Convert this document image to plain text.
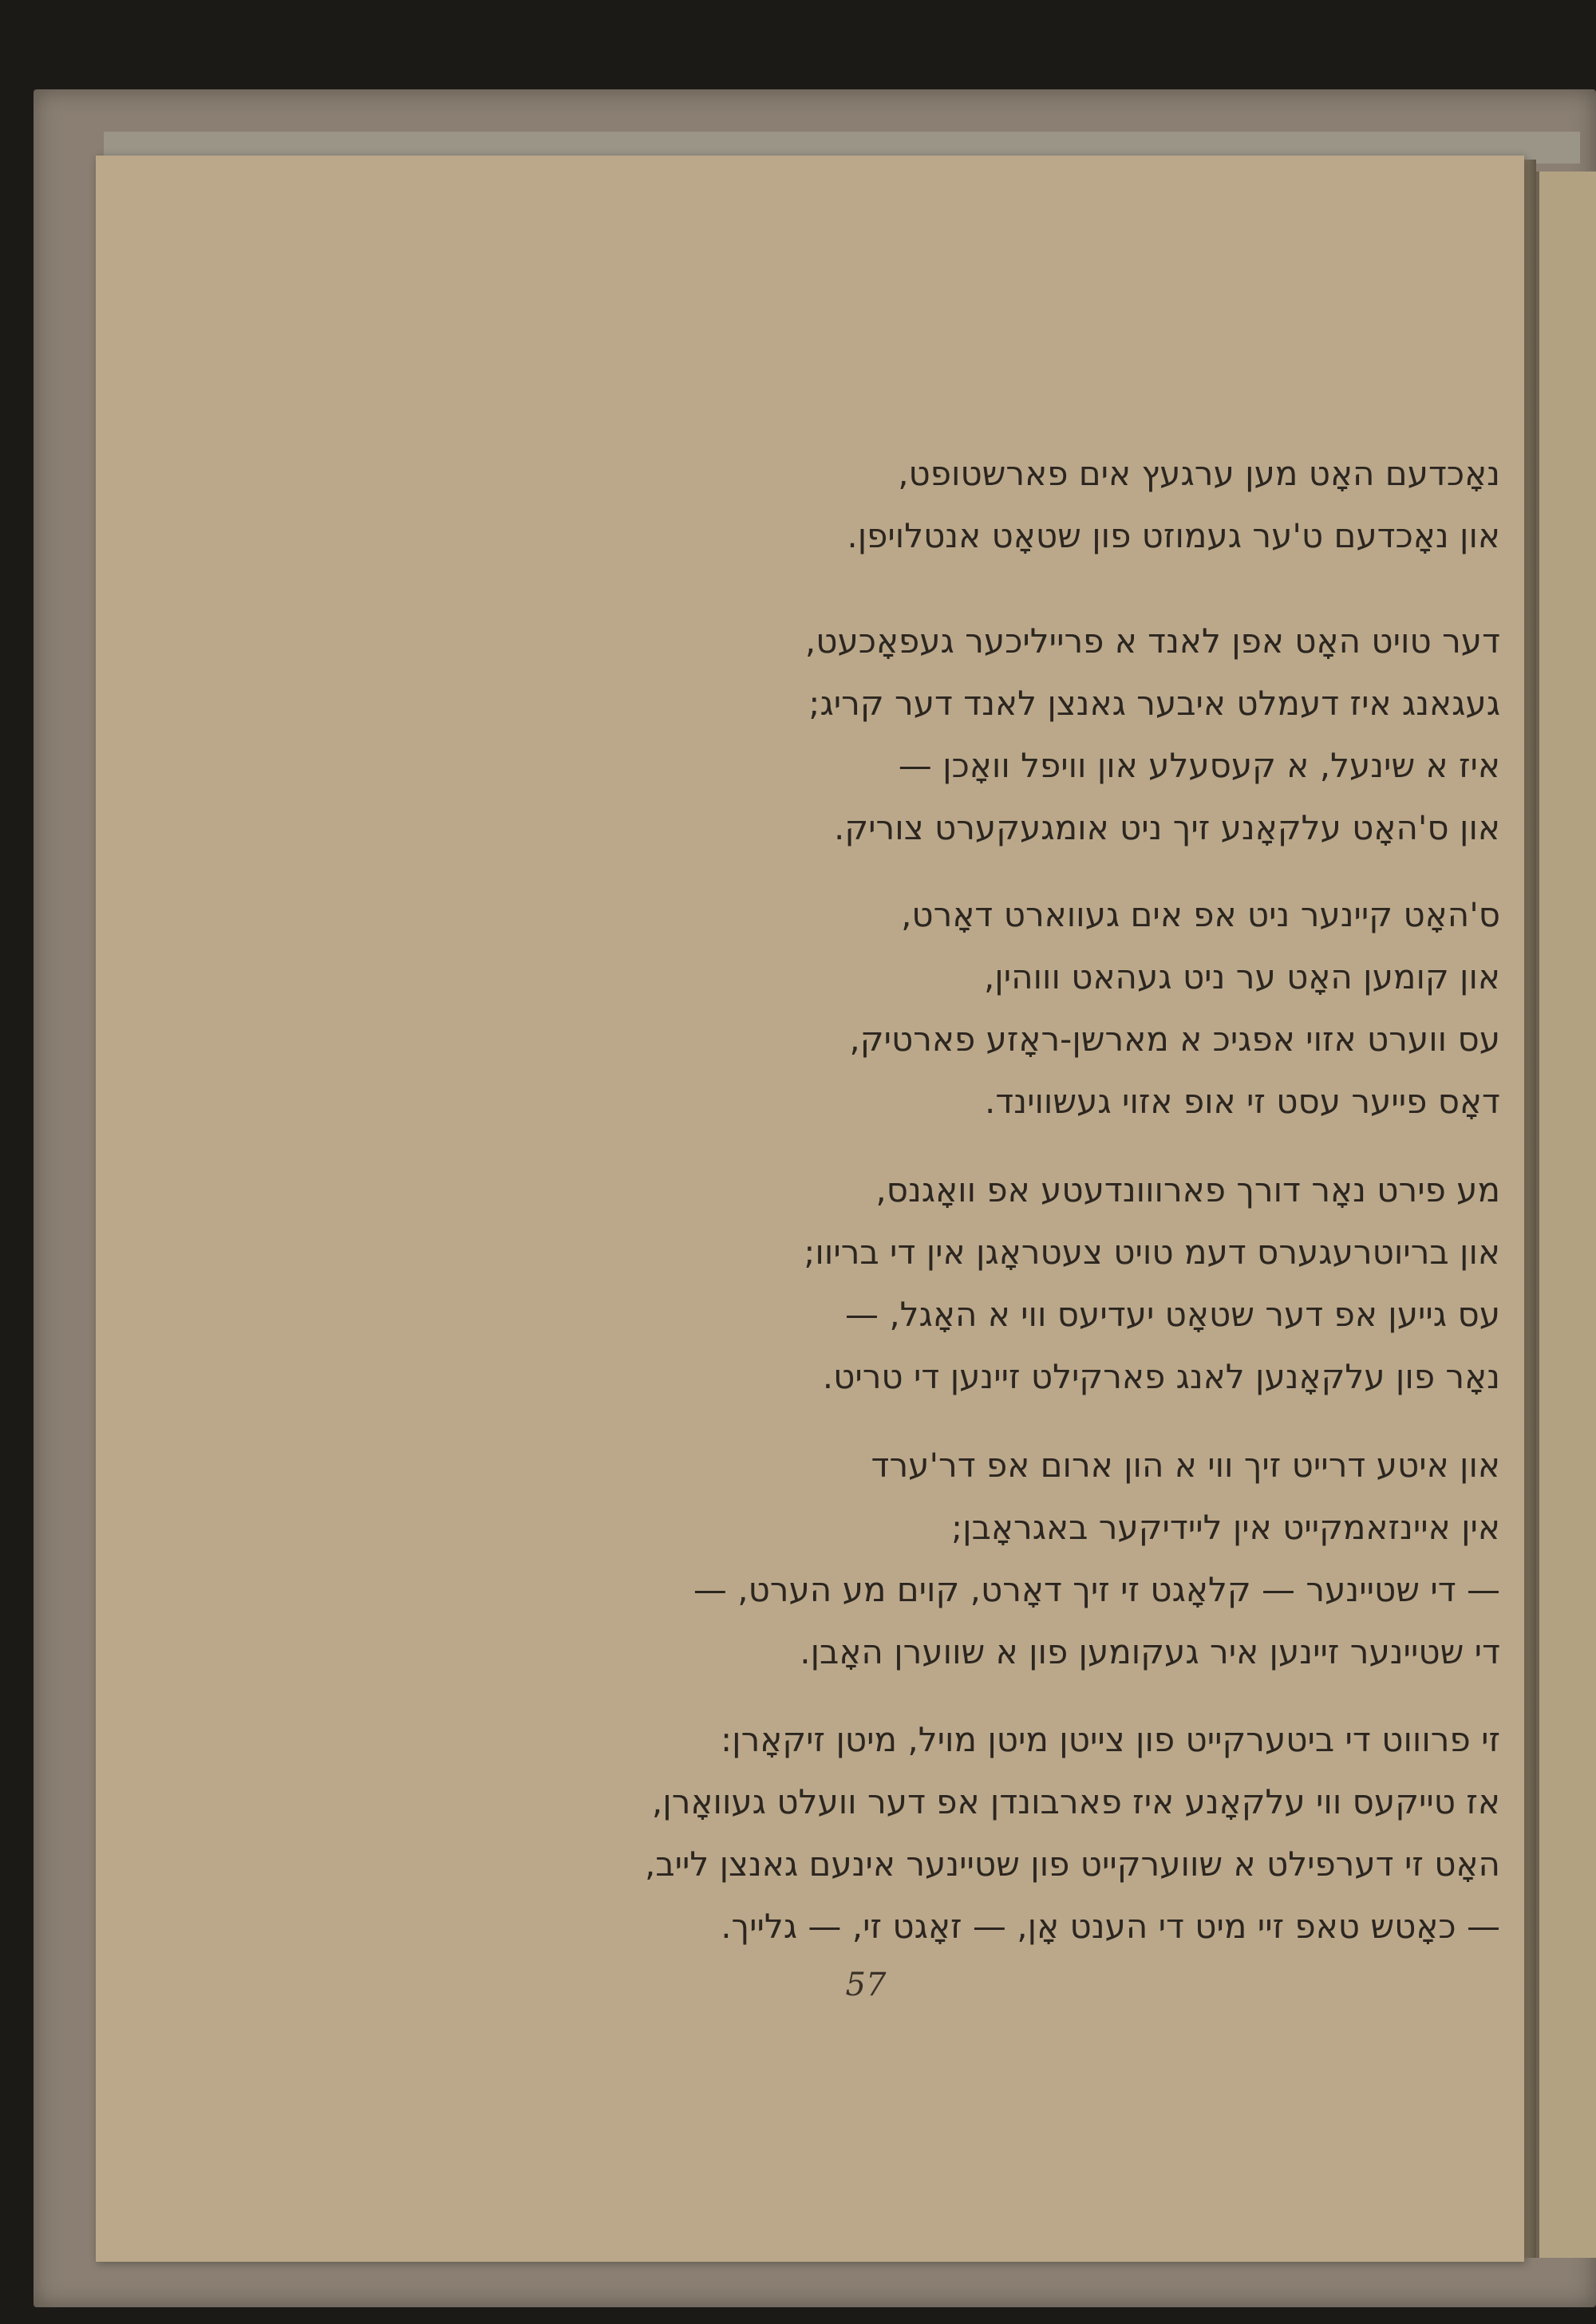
נאָכדעם האָט מען ערגעץ אים פארשטופט,
און נאָכדעם ט'ער געמוזט פון שטאָט אנטלויפן.
דער טויט האָט אפן לאנד א פרייליכער געפאָכעט,
געגאנג איז דעמלט איבער גאנצן לאנד דער קריג;
איז א שינעל, א קעסעלע און וויפל וואָכן —
און ס'האָט עלקאָנע זיך ניט אומגעקערט צוריק.
ס'האָט קיינער ניט אפ אים געווארט דאָרט,
און קומען האָט ער ניט געהאט וווהין,
עס ווערט אזוי אפגיכ א מארשן-ראָזע פארטיק,
דאָס פייער עסט זי אופ אזוי געשווינד.
מע פירט נאָר דורך פארווונדעטע אפ וואָגנס,
און בריוטרעגערס דעמ טויט צעטראָגן אין די בריוו;
עס גייען אפ דער שטאָט יעדיעס ווי א האָגל, —
נאָר פון עלקאָנען לאנג פארקילט זיינען די טריט.
און איטע דרייט זיך ווי א הון ארום אפ דר'ערד
אין איינזאמקייט אין ליידיקער באגראָבן;
— די שטיינער — קלאָגט זי זיך דאָרט, קוים מע הערט, —
די שטיינער זיינען איר געקומען פון א שווערן האָבן.
זי פרוווט די ביטערקייט פון צייטן מיטן מויל, מיטן זיקאָרן:
אז טייקעס ווי עלקאָנע איז פארבונדן אפ דער וועלט געוואָרן,
האָט זי דערפילט א שווערקייט פון שטיינער אינעם גאנצן לייב,
— כאָטש טאפ זיי מיט די הענט אָן, — זאָגט זי, — גלייך.
57
